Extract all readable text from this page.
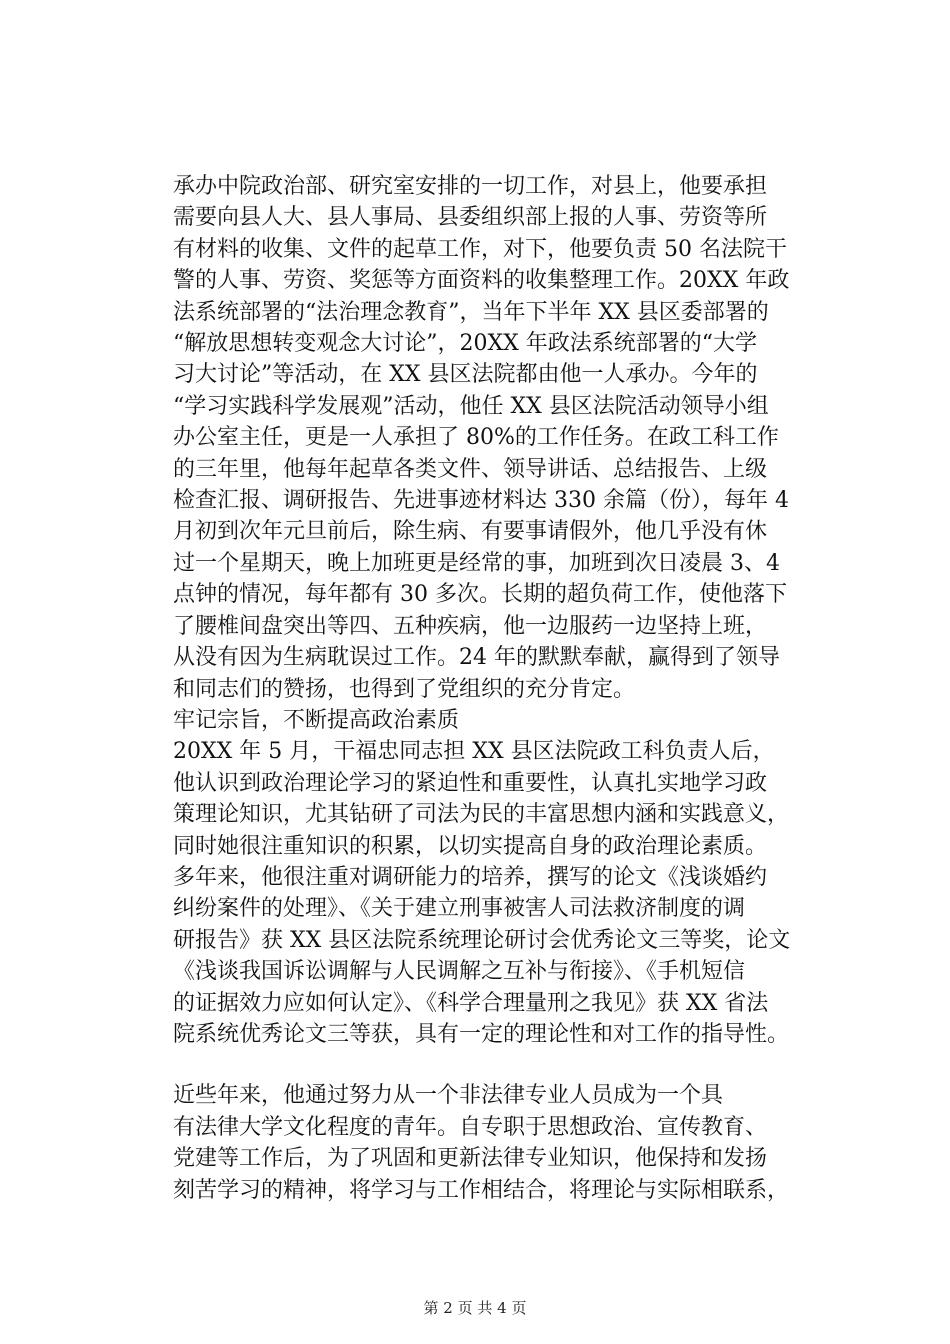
承办中院政治部、研究室安排的一切工作，对县上，他要承担
需要向县人大、县人事局、县委组织部上报的人事、劳资等所
有材料的收集、文件的起草工作，对下，他要负责 50 名法院干
警的人事、劳资、奖惩等方面资料的收集整理工作。20XX 年政
法系统部署的“法治理念教育”，当年下半年 XX 县区委部署的
“解放思想转变观念大讨论”，20XX 年政法系统部署的“大学
习大讨论”等活动，在 XX 县区法院都由他一人承办。今年的
“学习实践科学发展观”活动，他任 XX 县区法院活动领导小组
办公室主任，更是一人承担了 80%的工作任务。在政工科工作
的三年里，他每年起草各类文件、领导讲话、总结报告、上级
检查汇报、调研报告、先进事迹材料达 330 余篇（份），每年 4
月初到次年元旦前后，除生病、有要事请假外，他几乎没有休
过一个星期天，晚上加班更是经常的事，加班到次日凌晨 3、4
点钟的情况，每年都有 30 多次。长期的超负荷工作，使他落下
了腰椎间盘突出等四、五种疾病，他一边服药一边坚持上班，
从没有因为生病耽误过工作。24 年的默默奉献，赢得到了领导
和同志们的赞扬，也得到了党组织的充分肯定。

牢记宗旨，不断提高政治素质

20XX 年 5 月，干福忠同志担 XX 县区法院政工科负责人后，
他认识到政治理论学习的紧迫性和重要性，认真扎实地学习政
策理论知识，尤其钻研了司法为民的丰富思想内涵和实践意义，
同时她很注重知识的积累，以切实提高自身的政治理论素质。
多年来，他很注重对调研能力的培养，撰写的论文《浅谈婚约
纠纷案件的处理》、《关于建立刑事被害人司法救济制度的调
研报告》获 XX 县区法院系统理论研讨会优秀论文三等奖，论文
《浅谈我国诉讼调解与人民调解之互补与衔接》、《手机短信
的证据效力应如何认定》、《科学合理量刑之我见》获 XX 省法
院系统优秀论文三等获，具有一定的理论性和对工作的指导性。

近些年来，他通过努力从一个非法律专业人员成为一个具
有法律大学文化程度的青年。自专职于思想政治、宣传教育、
党建等工作后，为了巩固和更新法律专业知识，他保持和发扬
刻苦学习的精神，将学习与工作相结合，将理论与实际相联系，

第 2 页 共 4 页
